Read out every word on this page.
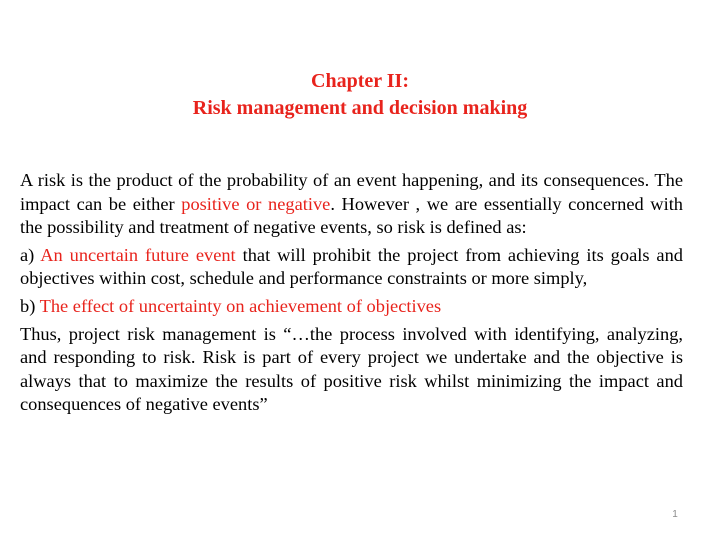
Chapter II:
Risk management and decision making

A risk is the product of the probability of an event happening, and its consequences. The impact can be either positive or negative. However , we are essentially concerned with the possibility and treatment of negative events, so risk is defined as:

a) An uncertain future event that will prohibit the project from achieving its goals and objectives within cost, schedule and performance constraints or more simply,

b) The effect of uncertainty on achievement of objectives

Thus, project risk management is “…the process involved with identifying, analyzing, and responding to risk. Risk is part of every project we undertake and the objective is always that to maximize the results of positive risk whilst minimizing the impact and consequences of negative events”

1
